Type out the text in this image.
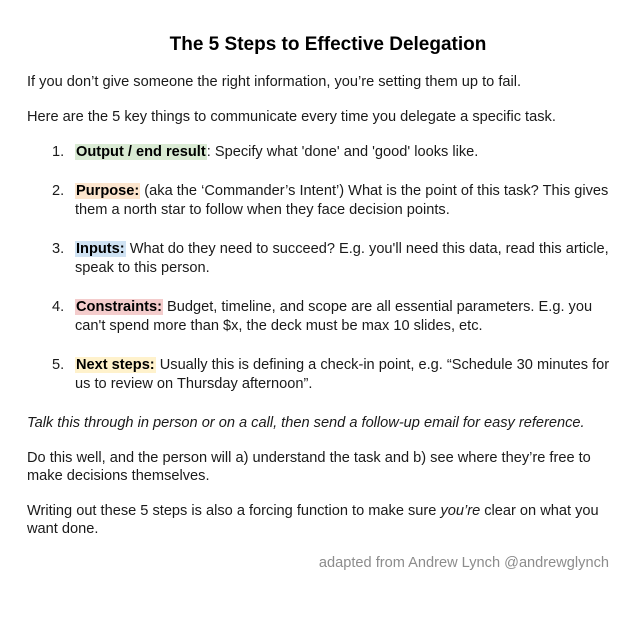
The 5 Steps to Effective Delegation

If you don’t give someone the right information, you’re setting them up to fail.

Here are the 5 key things to communicate every time you delegate a specific task.

1. Output / end result: Specify what 'done' and 'good' looks like.
2. Purpose: (aka the ‘Commander’s Intent’) What is the point of this task? This gives them a north star to follow when they face decision points.
3. Inputs: What do they need to succeed? E.g. you'll need this data, read this article, speak to this person.
4. Constraints: Budget, timeline, and scope are all essential parameters. E.g. you can't spend more than $x, the deck must be max 10 slides, etc.
5. Next steps: Usually this is defining a check-in point, e.g. “Schedule 30 minutes for us to review on Thursday afternoon”.

Talk this through in person or on a call, then send a follow-up email for easy reference.

Do this well, and the person will a) understand the task and b) see where they’re free to make decisions themselves.

Writing out these 5 steps is also a forcing function to make sure you’re clear on what you want done.

adapted from Andrew Lynch @andrewglynch
